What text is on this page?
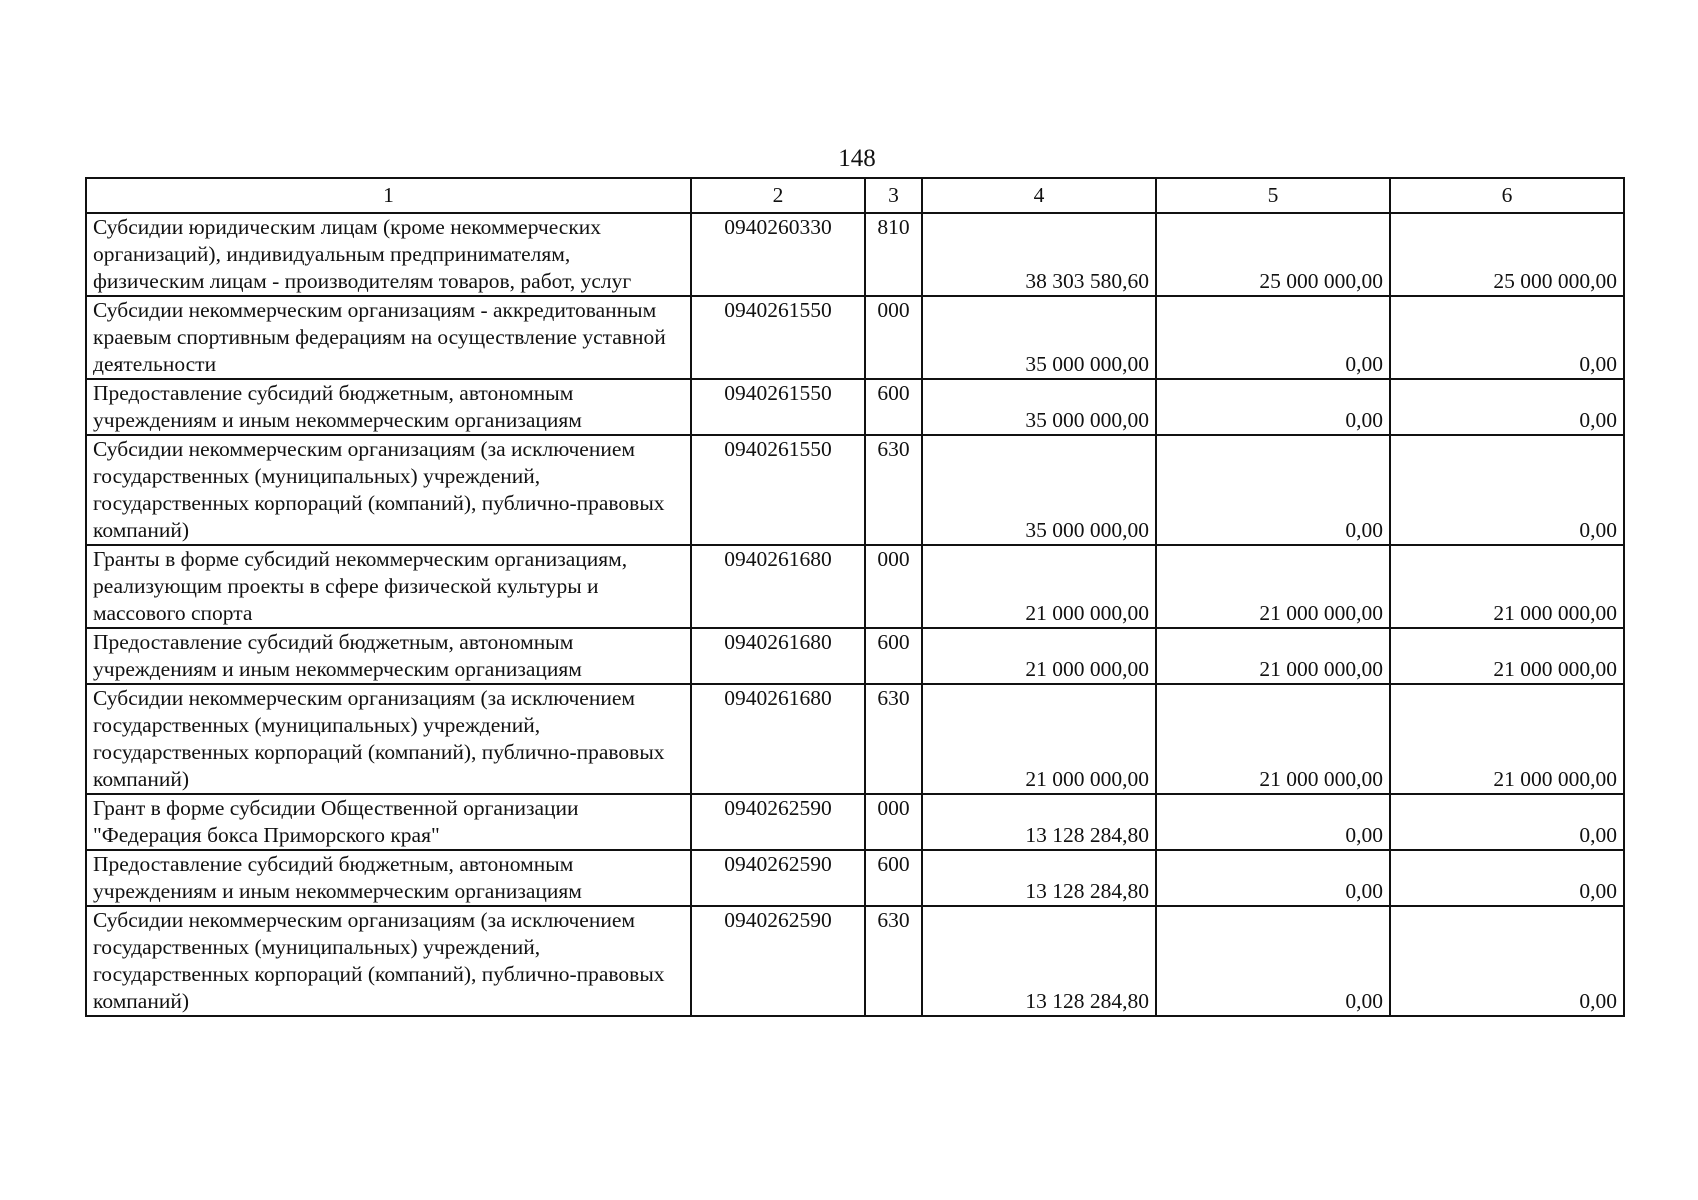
148
1	2	3	4	5	6
Субсидии юридическим лицам (кроме некоммерческих организаций), индивидуальным предпринимателям, физическим лицам - производителям товаров, работ, услуг	0940260330	810	38 303 580,60	25 000 000,00	25 000 000,00
Субсидии некоммерческим организациям - аккредитованным краевым спортивным федерациям на осуществление уставной деятельности	0940261550	000	35 000 000,00	0,00	0,00
Предоставление субсидий бюджетным, автономным учреждениям и иным некоммерческим организациям	0940261550	600	35 000 000,00	0,00	0,00
Субсидии некоммерческим организациям (за исключением государственных (муниципальных) учреждений, государственных корпораций (компаний), публично-правовых компаний)	0940261550	630	35 000 000,00	0,00	0,00
Гранты в форме субсидий некоммерческим организациям, реализующим проекты в сфере физической культуры и массового спорта	0940261680	000	21 000 000,00	21 000 000,00	21 000 000,00
Предоставление субсидий бюджетным, автономным учреждениям и иным некоммерческим организациям	0940261680	600	21 000 000,00	21 000 000,00	21 000 000,00
Субсидии некоммерческим организациям (за исключением государственных (муниципальных) учреждений, государственных корпораций (компаний), публично-правовых компаний)	0940261680	630	21 000 000,00	21 000 000,00	21 000 000,00
Грант в форме субсидии Общественной организации "Федерация бокса Приморского края"	0940262590	000	13 128 284,80	0,00	0,00
Предоставление субсидий бюджетным, автономным учреждениям и иным некоммерческим организациям	0940262590	600	13 128 284,80	0,00	0,00
Субсидии некоммерческим организациям (за исключением государственных (муниципальных) учреждений, государственных корпораций (компаний), публично-правовых компаний)	0940262590	630	13 128 284,80	0,00	0,00
